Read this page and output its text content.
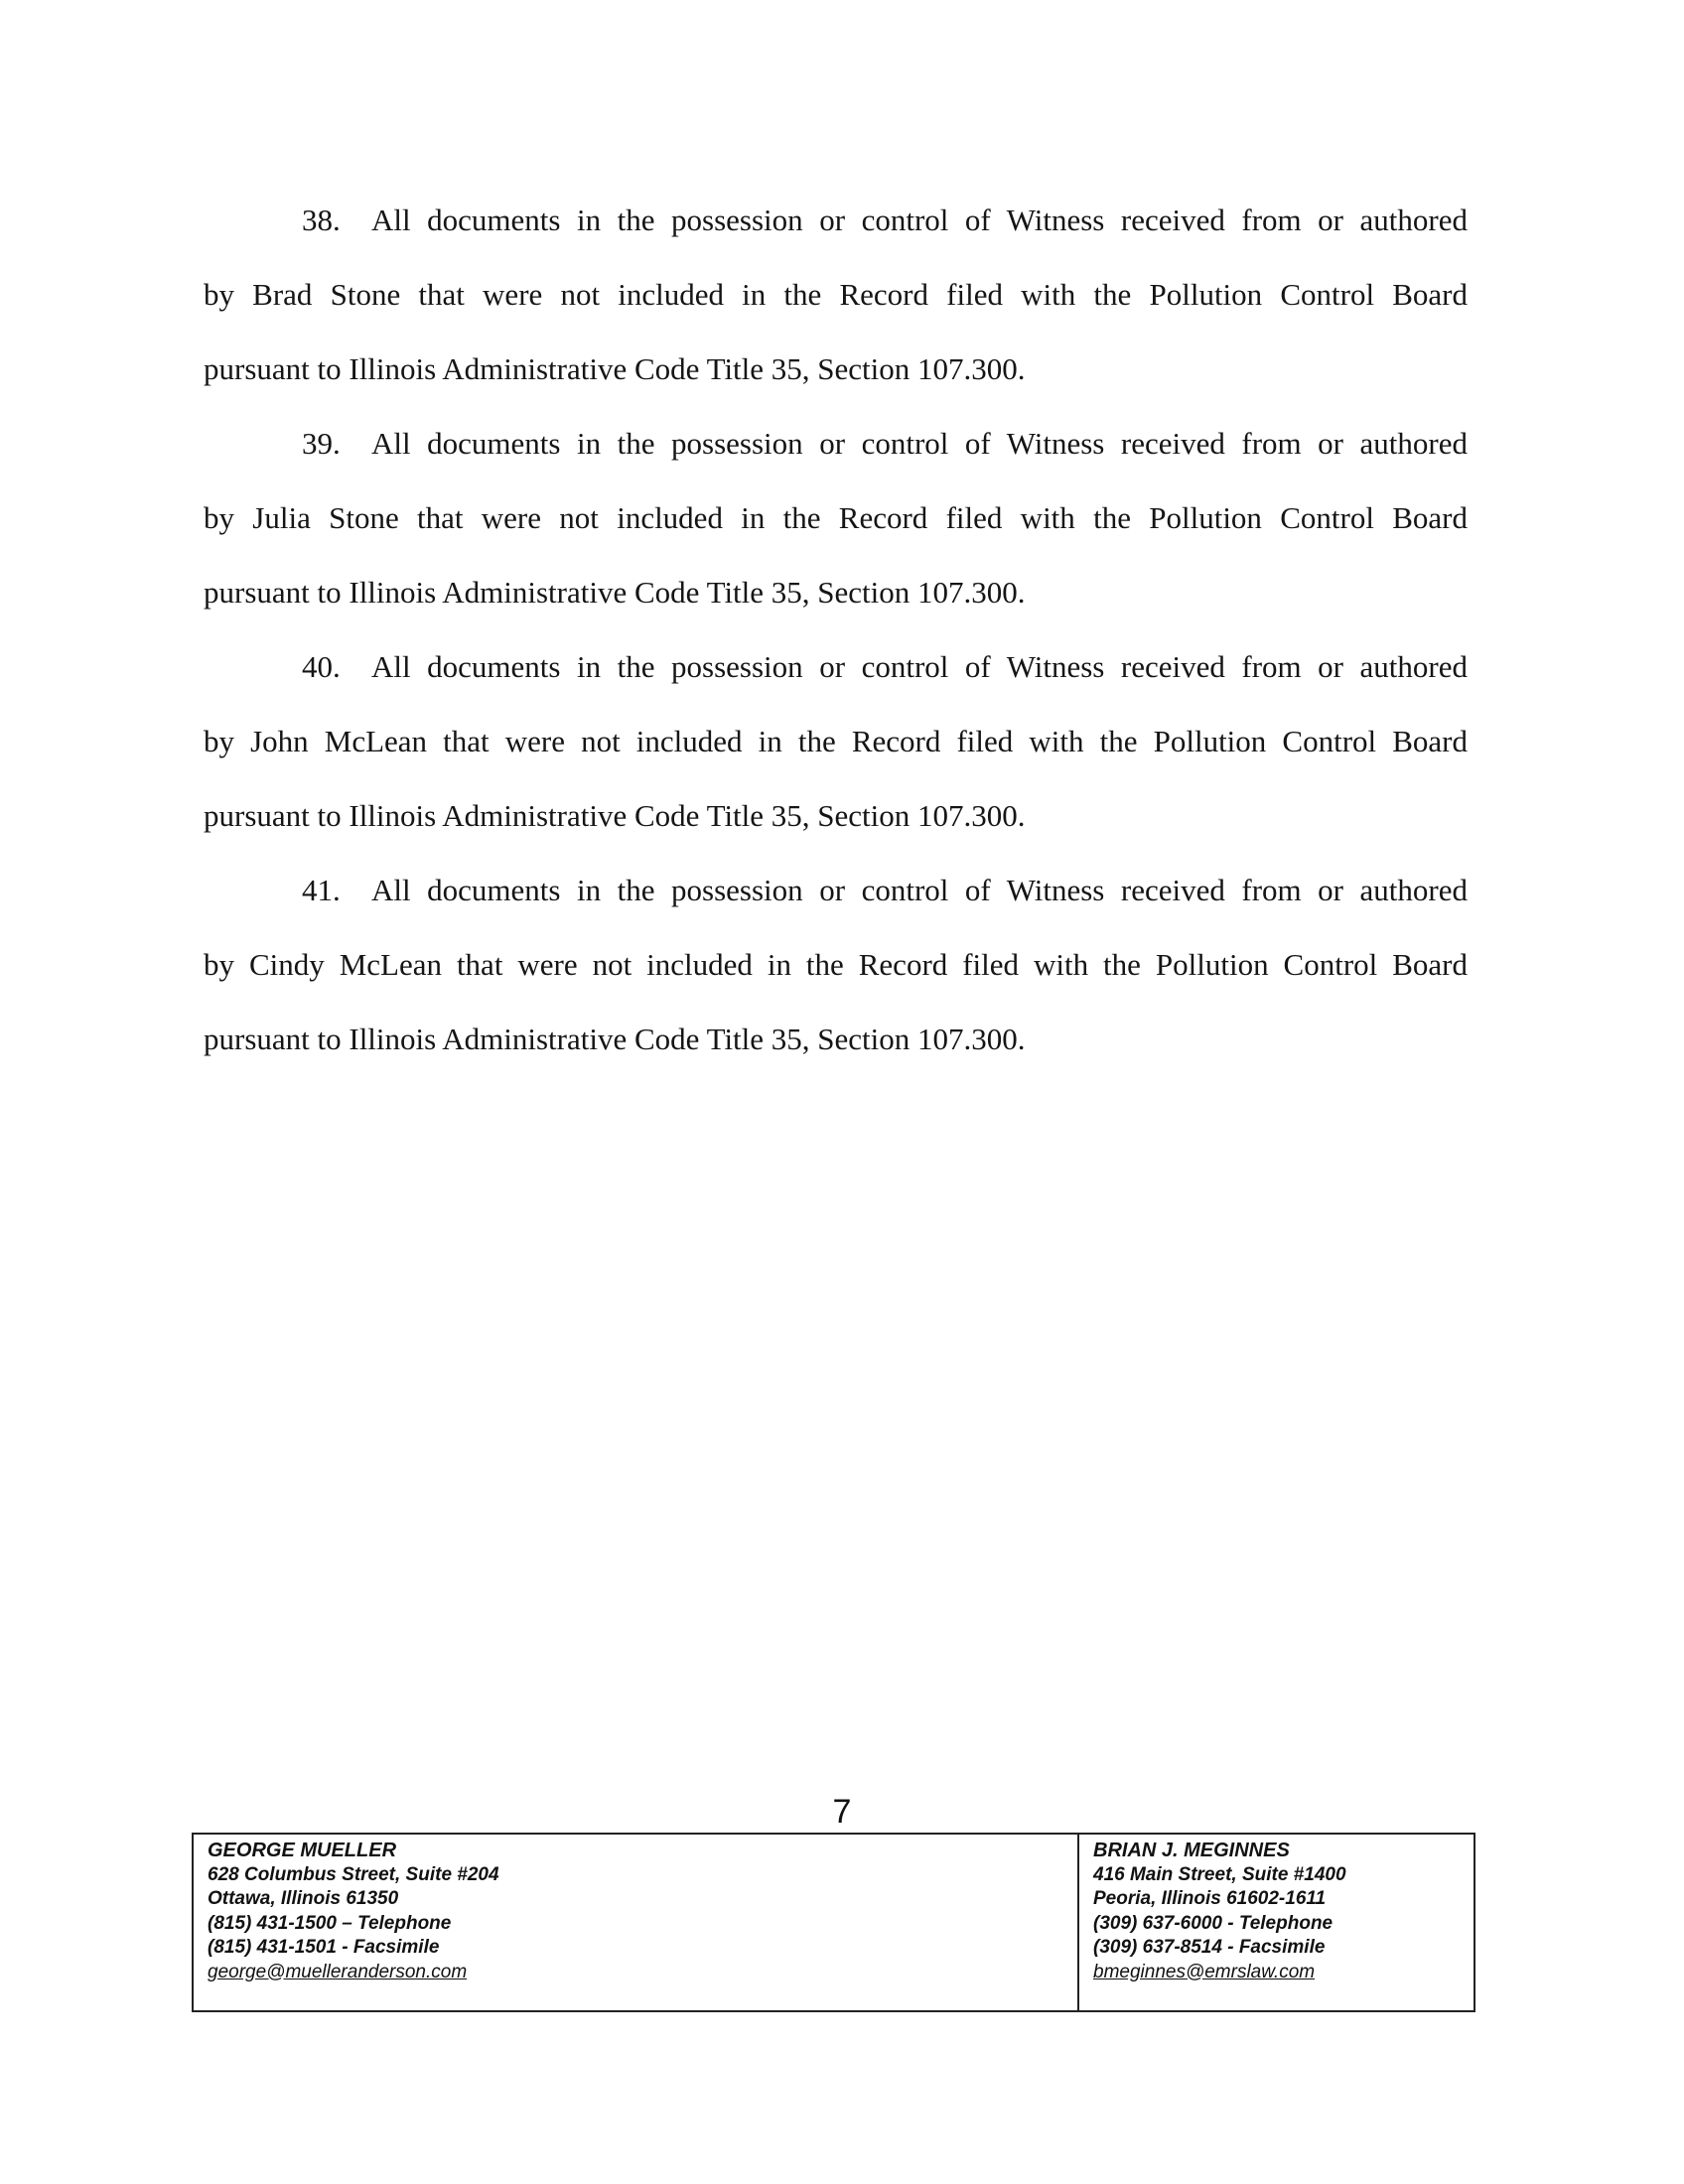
38. All documents in the possession or control of Witness received from or authored
by Brad Stone that were not included in the Record filed with the Pollution Control Board
pursuant to Illinois Administrative Code Title 35, Section 107.300.
39. All documents in the possession or control of Witness received from or authored
by Julia Stone that were not included in the Record filed with the Pollution Control Board
pursuant to Illinois Administrative Code Title 35, Section 107.300.
40. All documents in the possession or control of Witness received from or authored
by John McLean that were not included in the Record filed with the Pollution Control Board
pursuant to Illinois Administrative Code Title 35, Section 107.300.
41. All documents in the possession or control of Witness received from or authored
by Cindy McLean that were not included in the Record filed with the Pollution Control Board
pursuant to Illinois Administrative Code Title 35, Section 107.300.
7
GEORGE MUELLER
628 Columbus Street, Suite #204
Ottawa, Illinois 61350
(815) 431-1500 – Telephone
(815) 431-1501 - Facsimile
george@muelleranderson.com
BRIAN J. MEGINNES
416 Main Street, Suite #1400
Peoria, Illinois 61602-1611
(309) 637-6000 - Telephone
(309) 637-8514 - Facsimile
bmeginnes@emrslaw.com
